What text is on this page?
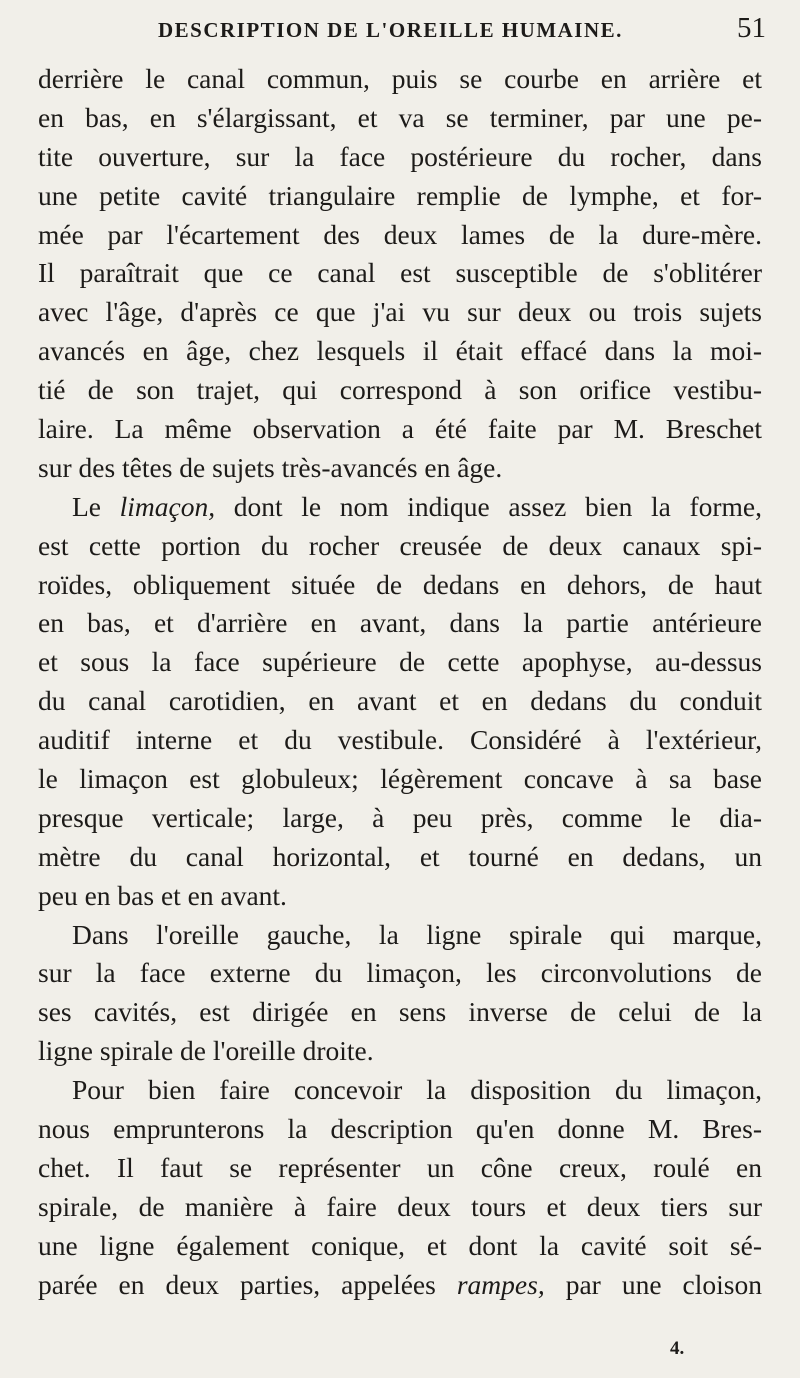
DESCRIPTION DE L'OREILLE HUMAINE.	51
derrière le canal commun, puis se courbe en arrière et
en bas, en s'élargissant, et va se terminer, par une pe-
tite ouverture, sur la face postérieure du rocher, dans
une petite cavité triangulaire remplie de lymphe, et for-
mée par l'écartement des deux lames de la dure-mère.
Il paraîtrait que ce canal est susceptible de s'oblitérer
avec l'âge, d'après ce que j'ai vu sur deux ou trois sujets
avancés en âge, chez lesquels il était effacé dans la moi-
tié de son trajet, qui correspond à son orifice vestibu-
laire. La même observation a été faite par M. Breschet
sur des têtes de sujets très-avancés en âge.
Le limaçon, dont le nom indique assez bien la forme,
est cette portion du rocher creusée de deux canaux spi-
roïdes, obliquement située de dedans en dehors, de haut
en bas, et d'arrière en avant, dans la partie antérieure
et sous la face supérieure de cette apophyse, au-dessus
du canal carotidien, en avant et en dedans du conduit
auditif interne et du vestibule. Considéré à l'extérieur,
le limaçon est globuleux; légèrement concave à sa base
presque verticale; large, à peu près, comme le dia-
mètre du canal horizontal, et tourné en dedans, un
peu en bas et en avant.
Dans l'oreille gauche, la ligne spirale qui marque,
sur la face externe du limaçon, les circonvolutions de
ses cavités, est dirigée en sens inverse de celui de la
ligne spirale de l'oreille droite.
Pour bien faire concevoir la disposition du limaçon,
nous emprunterons la description qu'en donne M. Bres-
chet. Il faut se représenter un cône creux, roulé en
spirale, de manière à faire deux tours et deux tiers sur
une ligne également conique, et dont la cavité soit sé-
parée en deux parties, appelées rampes, par une cloison
4.
